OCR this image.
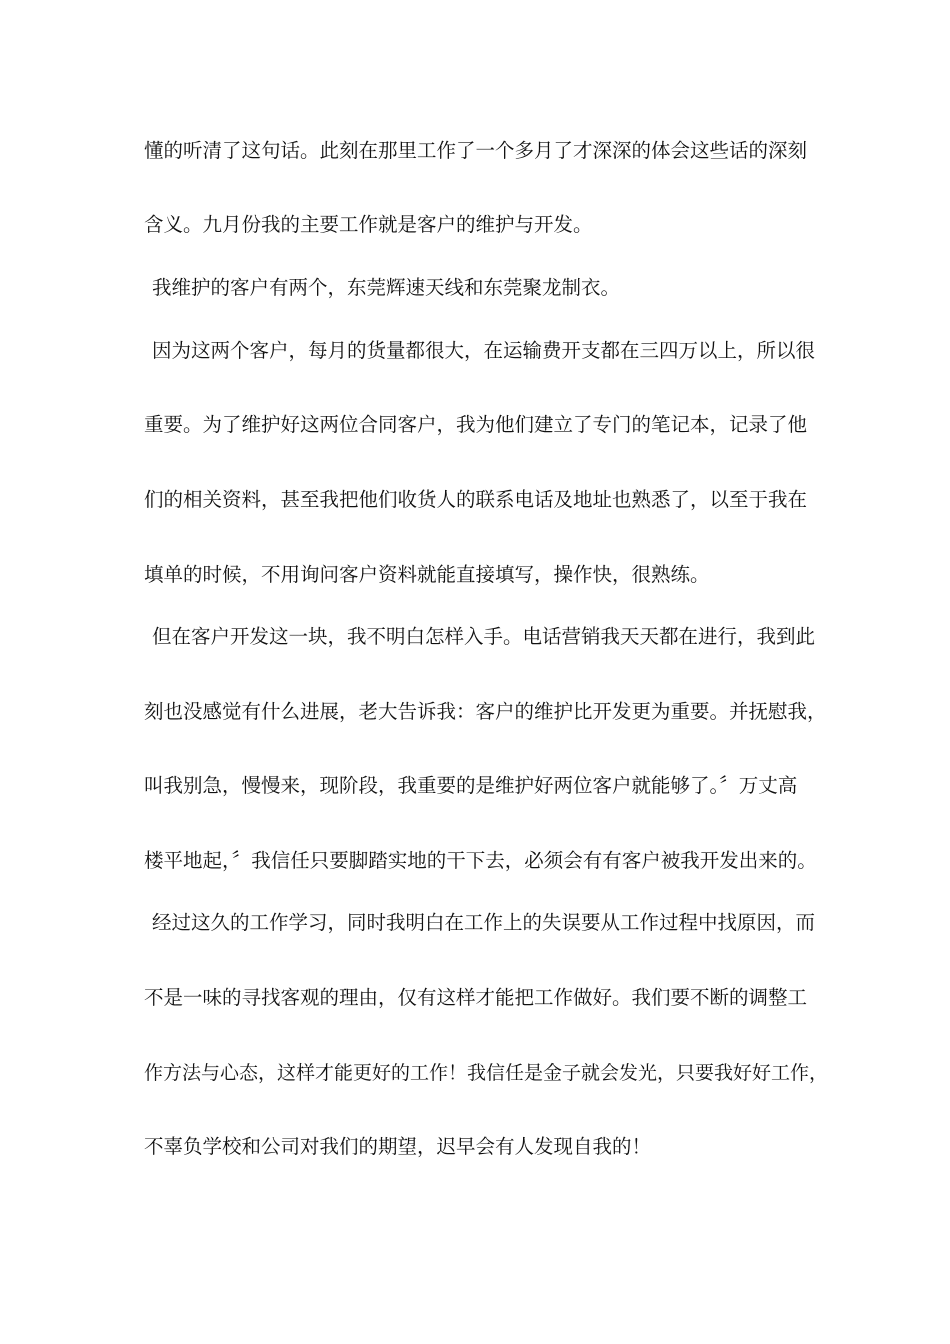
懂的听清了这句话。此刻在那里工作了一个多月了才深深的体会这些话的深刻
含义。九月份我的主要工作就是客户的维护与开发。
我维护的客户有两个，东莞辉速天线和东莞聚龙制衣。
因为这两个客户，每月的货量都很大，在运输费开支都在三四万以上，所以很
重要。为了维护好这两位合同客户，我为他们建立了专门的笔记本，记录了他
们的相关资料，甚至我把他们收货人的联系电话及地址也熟悉了，以至于我在
填单的时候，不用询问客户资料就能直接填写，操作快，很熟练。
但在客户开发这一块，我不明白怎样入手。电话营销我天天都在进行，我到此
刻也没感觉有什么进展，老大告诉我：客户的维护比开发更为重要。并抚慰我，
叫我别急，慢慢来，现阶段，我重要的是维护好两位客户就能够了。〞万丈高
楼平地起，〞我信任只要脚踏实地的干下去，必须会有有客户被我开发出来的。
经过这久的工作学习，同时我明白在工作上的失误要从工作过程中找原因，而
不是一味的寻找客观的理由，仅有这样才能把工作做好。我们要不断的调整工
作方法与心态，这样才能更好的工作！我信任是金子就会发光，只要我好好工作，
不辜负学校和公司对我们的期望，迟早会有人发现自我的！
